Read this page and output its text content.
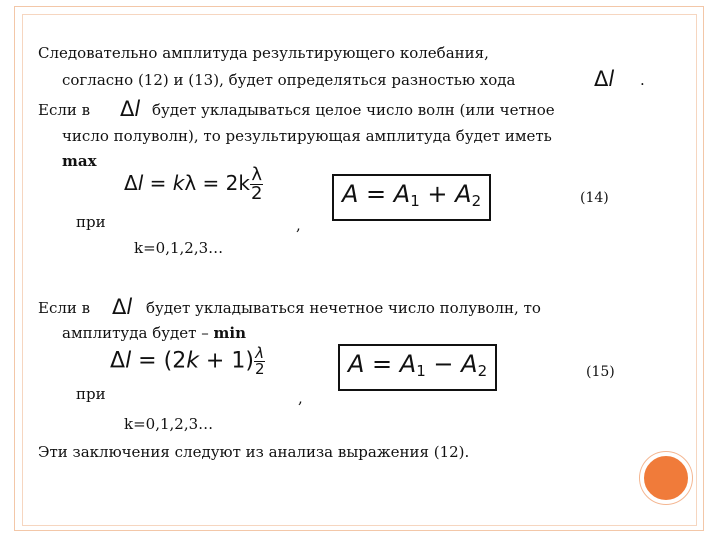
Следовательно амплитуда результирующего колебания,
согласно (12) и (13), будет определяться разностью хода	Δl .
Если в Δl будет укладываться целое число волн (или четное
число полуволн), то результирующая амплитуда будет иметь
max
$\Delta l = k\lambda = 2k \frac{\lambda}{2}$	$A = A_1 + A_2$	(14)
при	,
k=0,1,2,3…
Если в Δl будет укладываться нечетное число полуволн, то
амплитуда будет – min
$\Delta l = (2k + 1) \frac{\lambda}{2}$	$A = A_1 - A_2$	(15)
при	,
k=0,1,2,3…
Эти заключения следуют из анализа выражения (12).
